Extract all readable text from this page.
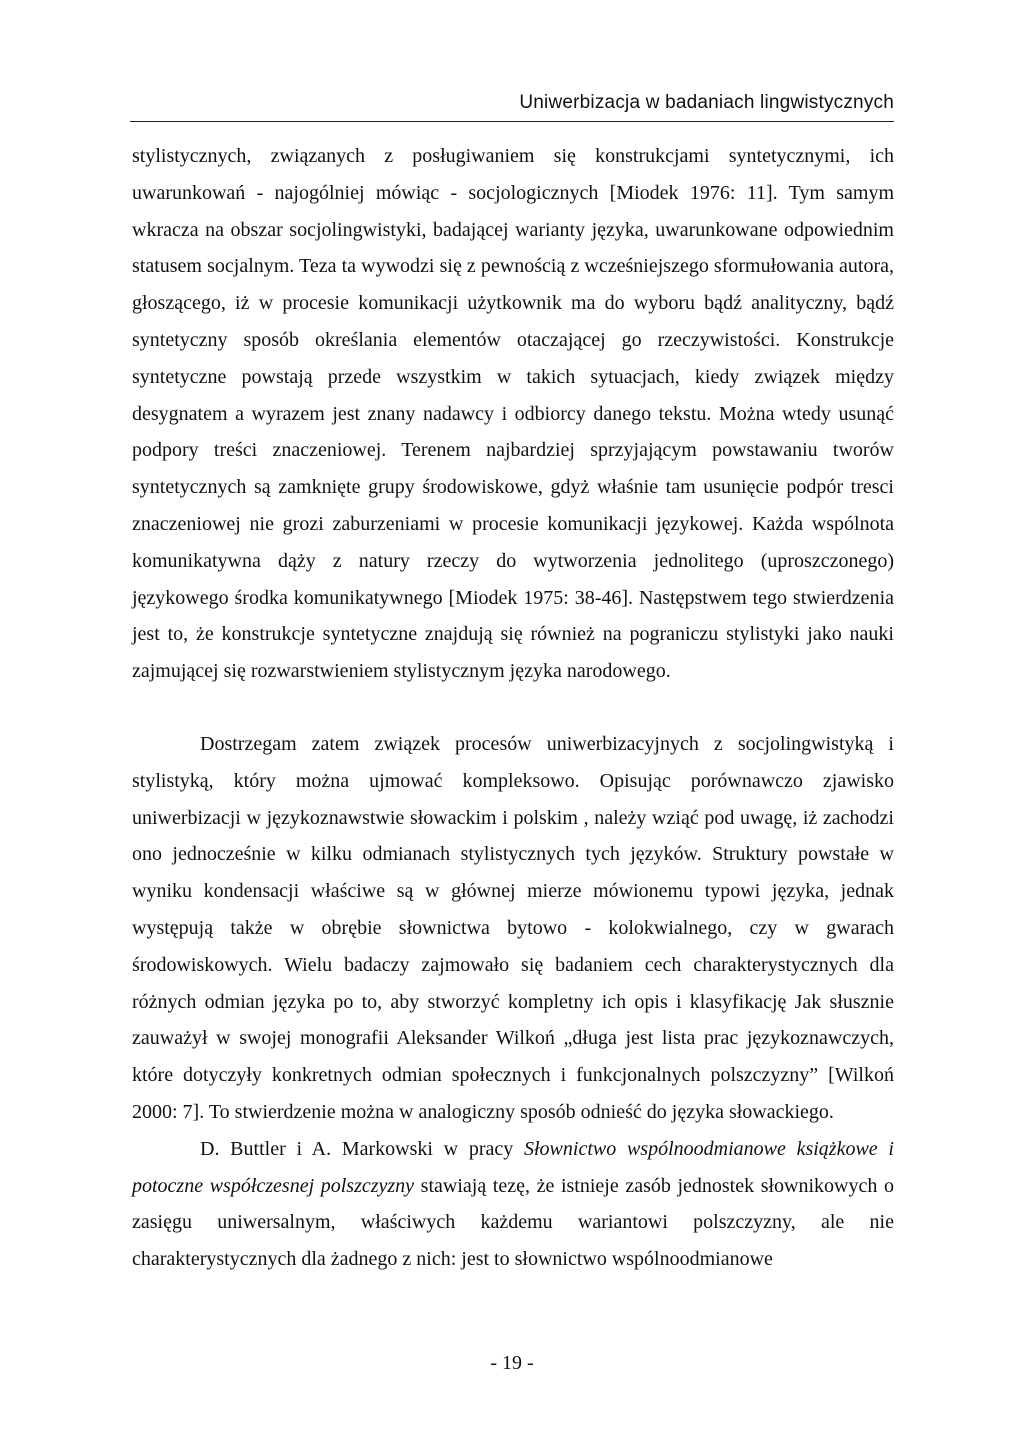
Uniwerbizacja w badaniach lingwistycznych

stylistycznych, związanych z posługiwaniem się konstrukcjami syntetycznymi, ich uwarunkowań - najogólniej mówiąc - socjologicznych [Miodek 1976: 11]. Tym samym wkracza na obszar socjolingwistyki, badającej warianty języka, uwarunkowane odpowiednim statusem socjalnym. Teza ta wywodzi się z pewnością z wcześniejszego sformułowania autora, głoszącego, iż w procesie komunikacji użytkownik ma do wyboru bądź analityczny, bądź syntetyczny sposób określania elementów otaczającej go rzeczywistości. Konstrukcje syntetyczne powstają przede wszystkim w takich sytuacjach, kiedy związek między desygnatem a wyrazem jest znany nadawcy i odbiorcy danego tekstu. Można wtedy usunąć podpory treści znaczeniowej. Terenem najbardziej sprzyjającym powstawaniu tworów syntetycznych są zamknięte grupy środowiskowe, gdyż właśnie tam usunięcie podpór tresci znaczeniowej nie grozi zaburzeniami w procesie komunikacji językowej. Każda wspólnota komunikatywna dąży z natury rzeczy do wytworzenia jednolitego (uproszczonego) językowego środka komunikatywnego [Miodek 1975: 38-46]. Następstwem tego stwierdzenia jest to, że konstrukcje syntetyczne znajdują się również na pograniczu stylistyki jako nauki zajmującej się rozwarstwieniem stylistycznym języka narodowego.

Dostrzegam zatem związek procesów uniwerbizacyjnych z socjolingwistyką i stylistyką, który można ujmować kompleksowo. Opisując porównawczo zjawisko uniwerbizacji w językoznawstwie słowackim i polskim , należy wziąć pod uwagę, iż zachodzi ono jednocześnie w kilku odmianach stylistycznych tych języków. Struktury powstałe w wyniku kondensacji właściwe są w głównej mierze mówionemu typowi języka, jednak występują także w obrębie słownictwa bytowo - kolokwialnego, czy w gwarach środowiskowych. Wielu badaczy zajmowało się badaniem cech charakterystycznych dla różnych odmian języka po to, aby stworzyć kompletny ich opis i klasyfikację Jak słusznie zauważył w swojej monografii Aleksander Wilkoń „długa jest lista prac językoznawczych, które dotyczyły konkretnych odmian społecznych i funkcjonalnych polszczyzny” [Wilkoń 2000: 7]. To stwierdzenie można w analogiczny sposób odnieść do języka słowackiego.

D. Buttler i A. Markowski w pracy Słownictwo wspólnoodmianowe książkowe i potoczne współczesnej polszczyzny stawiają tezę, że istnieje zasób jednostek słownikowych o zasięgu uniwersalnym, właściwych każdemu wariantowi polszczyzny, ale nie charakterystycznych dla żadnego z nich: jest to słownictwo wspólnoodmianowe

- 19 -
